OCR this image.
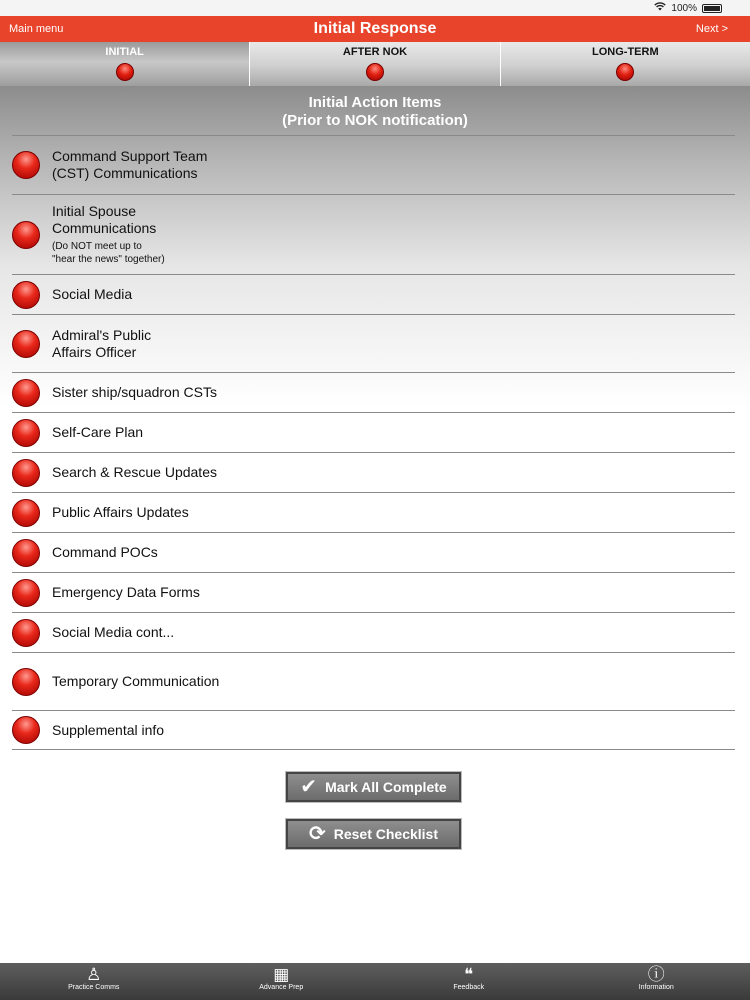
100%
Main menu	Initial Response	Next >
INITIAL	AFTER NOK	LONG-TERM
Initial Action Items
(Prior to NOK notification)
Command Support Team
(CST) Communications
Initial Spouse
Communications
(Do NOT meet up to
"hear the news" together)
Social Media
Admiral's Public
Affairs Officer
Sister ship/squadron CSTs
Self-Care Plan
Search & Rescue Updates
Public Affairs Updates
Command POCs
Emergency Data Forms
Social Media cont...
Temporary Communication
Supplemental info
✔ Mark All Complete
⟳ Reset Checklist
♙
Practice Comms
▦
Advance Prep
❝
Feedback
ⓘ
Information
